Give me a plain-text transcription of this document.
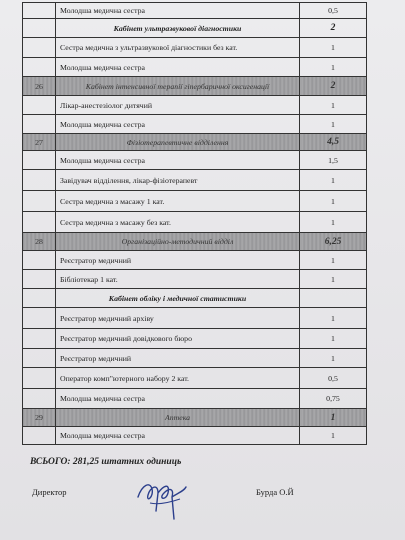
	Молодша медична сестра	0,5
	Кабінет ультразвукової діагностики	2
	Сестра медична з ультразвукової діагностики без кат.	1
	Молодша медична сестра	1
26	Кабінет інтенсивної терапії гіпербаричної оксигенації	2
	Лікар-анестезіолог дитячий	1
	Молодша медична сестра	1
27	Фізіотерапевтичне відділення	4,5
	Молодша медична сестра	1,5
	Завідувач відділення, лікар-фізіотерапевт	1
	Сестра медична з масажу 1 кат.	1
	Сестра медична з масажу без кат.	1
28	Організаційно-методичний відділ	6,25
	Реєстратор медичний	1
	Бібліотекар 1 кат.	1
	Кабінет обліку і медичної статистики	
	Реєстратор медичний архіву	1
	Реєстратор медичний довідкового бюро	1
	Реєстратор медичний	1
	Оператор комп"ютерного набору 2 кат.	0,5
	Молодша медична сестра	0,75
29	Аптека	1
	Молодша медична сестра	1
ВСЬОГО: 281,25 штатних одиниць
Директор	Бурда О.Й
